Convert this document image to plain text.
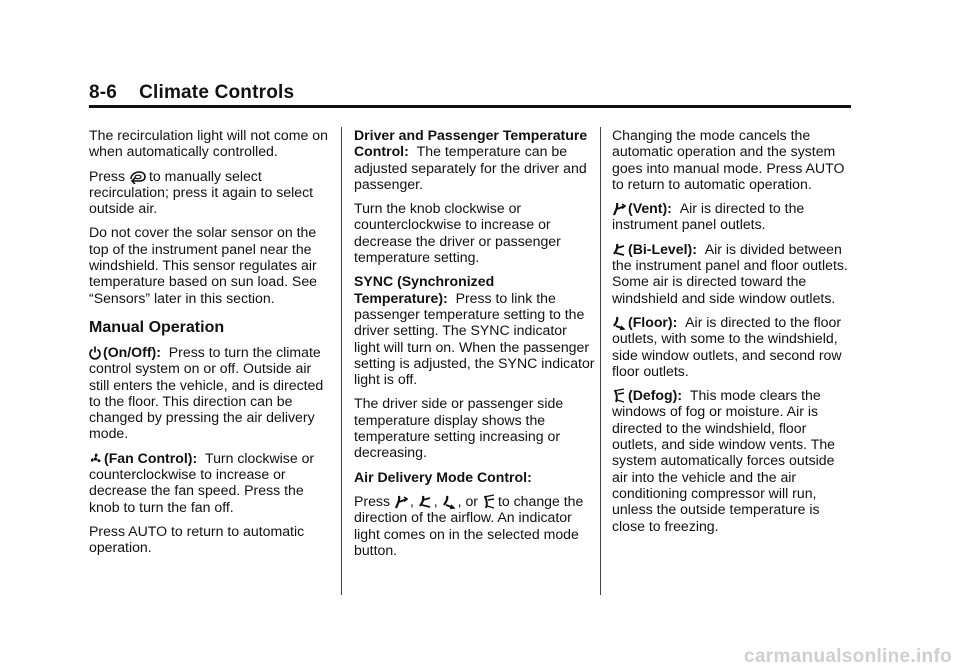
8-6 Climate Controls

The recirculation light will not come on when automatically controlled.

Press to manually select recirculation; press it again to select outside air.

Do not cover the solar sensor on the top of the instrument panel near the windshield. This sensor regulates air temperature based on sun load. See “Sensors” later in this section.

Manual Operation

(On/Off): Press to turn the climate control system on or off. Outside air still enters the vehicle, and is directed to the floor. This direction can be changed by pressing the air delivery mode.

(Fan Control): Turn clockwise or counterclockwise to increase or decrease the fan speed. Press the knob to turn the fan off.

Press AUTO to return to automatic operation.

Driver and Passenger Temperature Control: The temperature can be adjusted separately for the driver and passenger.

Turn the knob clockwise or counterclockwise to increase or decrease the driver or passenger temperature setting.

SYNC (Synchronized Temperature): Press to link the passenger temperature setting to the driver setting. The SYNC indicator light will turn on. When the passenger setting is adjusted, the SYNC indicator light is off.

The driver side or passenger side temperature display shows the temperature setting increasing or decreasing.

Air Delivery Mode Control:

Press , , , or to change the direction of the airflow. An indicator light comes on in the selected mode button.

Changing the mode cancels the automatic operation and the system goes into manual mode. Press AUTO to return to automatic operation.

(Vent): Air is directed to the instrument panel outlets.

(Bi-Level): Air is divided between the instrument panel and floor outlets. Some air is directed toward the windshield and side window outlets.

(Floor): Air is directed to the floor outlets, with some to the windshield, side window outlets, and second row floor outlets.

(Defog): This mode clears the windows of fog or moisture. Air is directed to the windshield, floor outlets, and side window vents. The system automatically forces outside air into the vehicle and the air conditioning compressor will run, unless the outside temperature is close to freezing.

carmanualsonline.info
